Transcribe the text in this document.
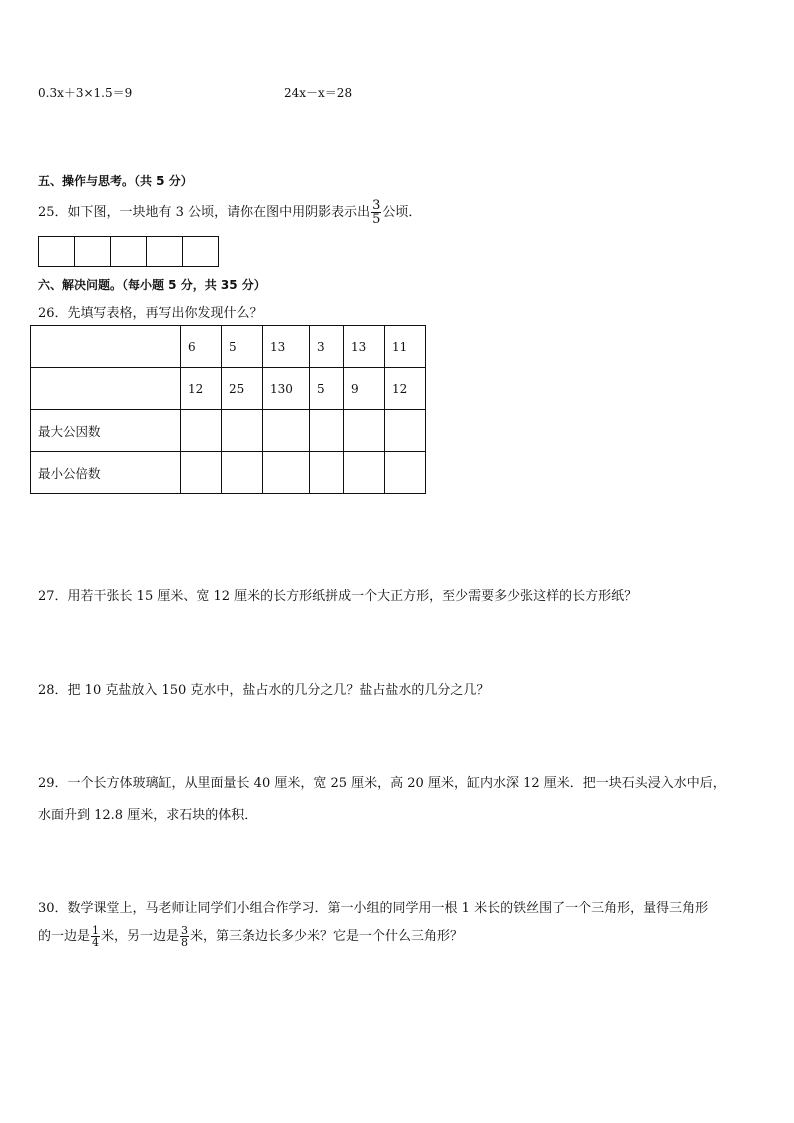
0.3x＋3×1.5＝9	24x－x＝28
五、操作与思考。（共 5 分）
25．如下图，一块地有 3 公顷，请你在图中用阴影表示出 $\frac{3}{5}$ 公顷．
六、解决问题。（每小题 5 分，共 35 分）
26．先填写表格，再写出你发现什么？
	6	5	13	3	13	11
	12	25	130	5	9	12
最大公因数						
最小公倍数						
27．用若干张长 15 厘米、宽 12 厘米的长方形纸拼成一个大正方形，至少需要多少张这样的长方形纸？
28．把 10 克盐放入 150 克水中，盐占水的几分之几？盐占盐水的几分之几？
29．一个长方体玻璃缸，从里面量长 40 厘米，宽 25 厘米，高 20 厘米，缸内水深 12 厘米．把一块石头浸入水中后，
水面升到 12.8 厘米，求石块的体积．
30．数学课堂上，马老师让同学们小组合作学习．第一小组的同学用一根 1 米长的铁丝围了一个三角形，量得三角形
的一边是 $\frac{1}{4}$ 米，另一边是 $\frac{3}{8}$ 米，第三条边长多少米？它是一个什么三角形？
